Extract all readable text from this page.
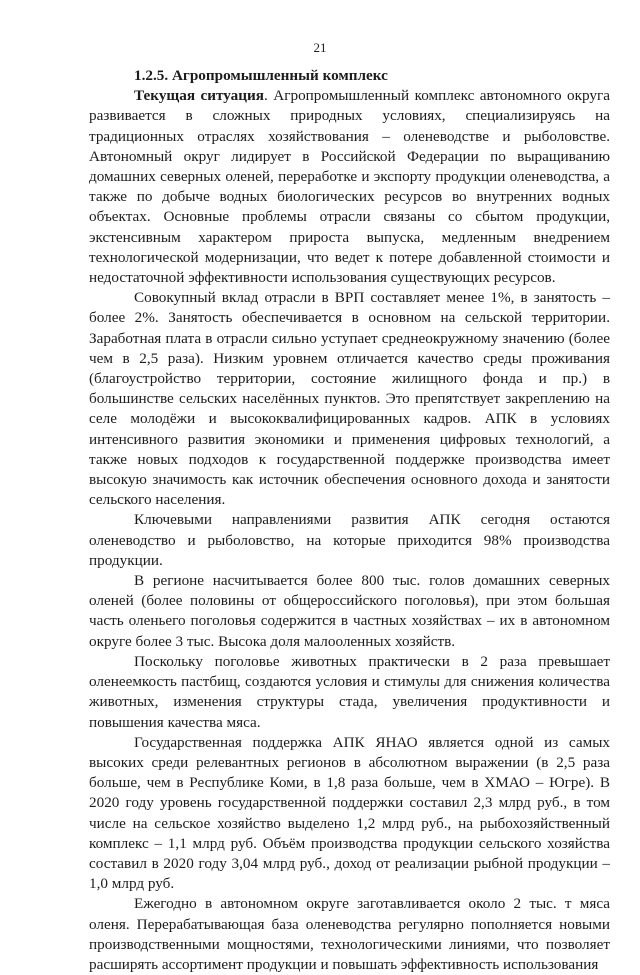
21
1.2.5. Агропромышленный комплекс

Текущая ситуация. Агропромышленный комплекс автономного округа развивается в сложных природных условиях, специализируясь на традиционных отраслях хозяйствования – оленеводстве и рыболовстве. Автономный округ лидирует в Российской Федерации по выращиванию домашних северных оленей, переработке и экспорту продукции оленеводства, а также по добыче водных биологических ресурсов во внутренних водных объектах. Основные проблемы отрасли связаны со сбытом продукции, экстенсивным характером прироста выпуска, медленным внедрением технологической модернизации, что ведет к потере добавленной стоимости и недостаточной эффективности использования существующих ресурсов.

Совокупный вклад отрасли в ВРП составляет менее 1%, в занятость – более 2%. Занятость обеспечивается в основном на сельской территории. Заработная плата в отрасли сильно уступает среднеокружному значению (более чем в 2,5 раза). Низким уровнем отличается качество среды проживания (благоустройство территории, состояние жилищного фонда и пр.) в большинстве сельских населённых пунктов. Это препятствует закреплению на селе молодёжи и высококвалифицированных кадров. АПК в условиях интенсивного развития экономики и применения цифровых технологий, а также новых подходов к государственной поддержке производства имеет высокую значимость как источник обеспечения основного дохода и занятости сельского населения.

Ключевыми направлениями развития АПК сегодня остаются оленеводство и рыболовство, на которые приходится 98% производства продукции.

В регионе насчитывается более 800 тыс. голов домашних северных оленей (более половины от общероссийского поголовья), при этом большая часть оленьего поголовья содержится в частных хозяйствах – их в автономном округе более 3 тыс. Высока доля малооленных хозяйств.

Поскольку поголовье животных практически в 2 раза превышает оленеемкость пастбищ, создаются условия и стимулы для снижения количества животных, изменения структуры стада, увеличения продуктивности и повышения качества мяса.

Государственная поддержка АПК ЯНАО является одной из самых высоких среди релевантных регионов в абсолютном выражении (в 2,5 раза больше, чем в Республике Коми, в 1,8 раза больше, чем в ХМАО – Югре). В 2020 году уровень государственной поддержки составил 2,3 млрд руб., в том числе на сельское хозяйство выделено 1,2 млрд руб., на рыбохозяйственный комплекс – 1,1 млрд руб. Объём производства продукции сельского хозяйства составил в 2020 году 3,04 млрд руб., доход от реализации рыбной продукции – 1,0 млрд руб.

Ежегодно в автономном округе заготавливается около 2 тыс. т мяса оленя. Перерабатывающая база оленеводства регулярно пополняется новыми производственными мощностями, технологическими линиями, что позволяет расширять ассортимент продукции и повышать эффективность использования
